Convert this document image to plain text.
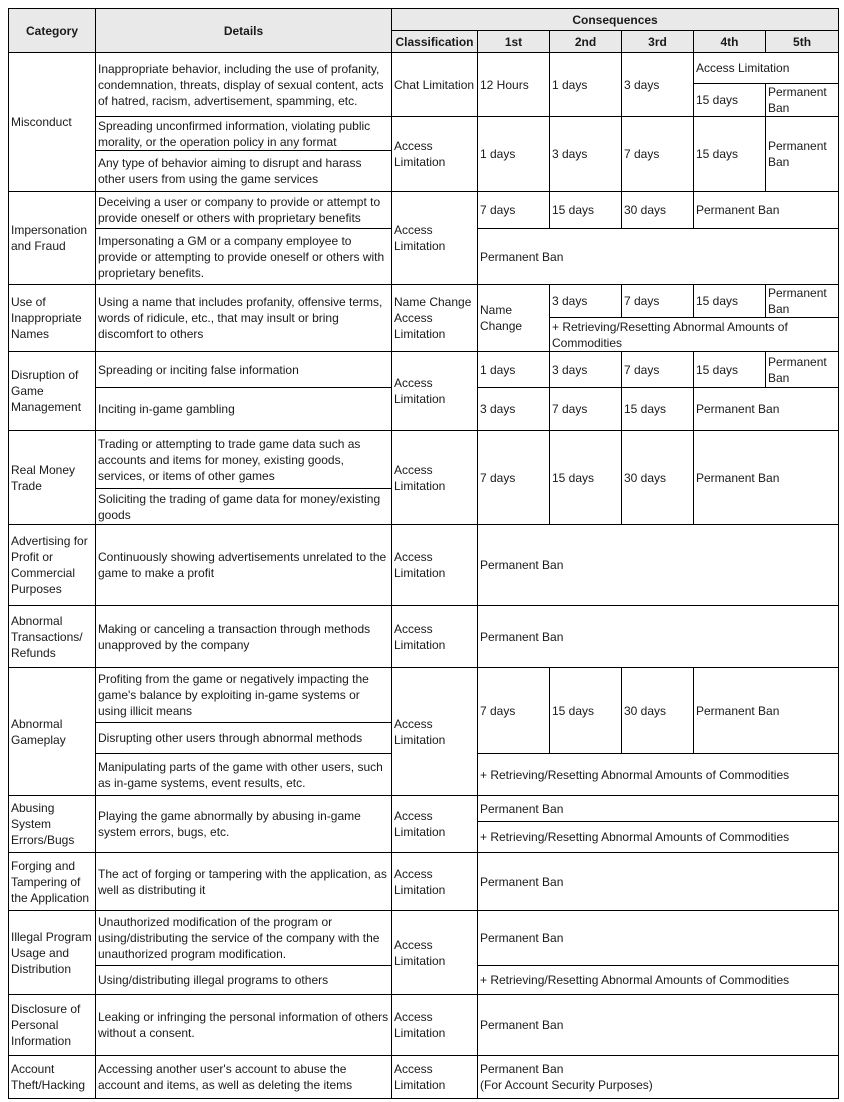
Category	Details	Consequences					
		Classification	1st	2nd	3rd	4th	5th
Misconduct	Inappropriate behavior, including the use of profanity, condemnation, threats, display of sexual content, acts of hatred, racism, advertisement, spamming, etc.	Chat Limitation	12 Hours	1 days	3 days	Access Limitation	
						15 days	Permanent Ban
	Spreading unconfirmed information, violating public morality, or the operation policy in any format	Access Limitation	1 days	3 days	7 days	15 days	Permanent Ban
	Any type of behavior aiming to disrupt and harass other users from using the game services						

Impersonation and Fraud	Deceiving a user or company to provide or attempt to provide oneself or others with proprietary benefits	Access Limitation	7 days	15 days	30 days	Permanent Ban	
	Impersonating a GM or a company employee to provide or attempting to provide oneself or others with proprietary benefits.		Permanent Ban				
Use of Inappropriate Names	Using a name that includes profanity, offensive terms, words of ridicule, etc., that may insult or bring discomfort to others	Name Change Access Limitation	Name Change	3 days	7 days	15 days	Permanent Ban
				+ Retrieving/Resetting Abnormal Amounts of Commodities			
Disruption of Game Management	Spreading or inciting false information	Access Limitation	1 days	3 days	7 days	15 days	Permanent Ban
	Inciting in-game gambling		3 days	7 days	15 days	Permanent Ban	
Real Money Trade	Trading or attempting to trade game data such as accounts and items for money, existing goods, services, or items of other games	Access Limitation	7 days	15 days	30 days	Permanent Ban	
	Soliciting the trading of game data for money/existing goods						
Advertising for Profit or Commercial Purposes	Continuously showing advertisements unrelated to the game to make a profit	Access Limitation	Permanent Ban				
Abnormal Transactions/ Refunds	Making or canceling a transaction through methods unapproved by the company	Access Limitation	Permanent Ban				
Abnormal Gameplay	Profiting from the game or negatively impacting the game's balance by exploiting in-game systems or using illicit means	Access Limitation	7 days	15 days	30 days	Permanent Ban	
	Disrupting other users through abnormal methods						
	Manipulating parts of the game with other users, such as in-game systems, event results, etc.		+ Retrieving/Resetting Abnormal Amounts of Commodities				
Abusing System Errors/Bugs	Playing the game abnormally by abusing in-game system errors, bugs, etc.	Access Limitation	Permanent Ban				
			+ Retrieving/Resetting Abnormal Amounts of Commodities				
Forging and Tampering of the Application	The act of forging or tampering with the application, as well as distributing it	Access Limitation	Permanent Ban				
Illegal Program Usage and Distribution	Unauthorized modification of the program or using/distributing the service of the company with the unauthorized program modification.	Access Limitation	Permanent Ban				
	Using/distributing illegal programs to others		+ Retrieving/Resetting Abnormal Amounts of Commodities				
Disclosure of Personal Information	Leaking or infringing the personal information of others without a consent.	Access Limitation	Permanent Ban				
Account Theft/Hacking	Accessing another user's account to abuse the account and items, as well as deleting the items	Access Limitation	Permanent Ban
(For Account Security Purposes)				
